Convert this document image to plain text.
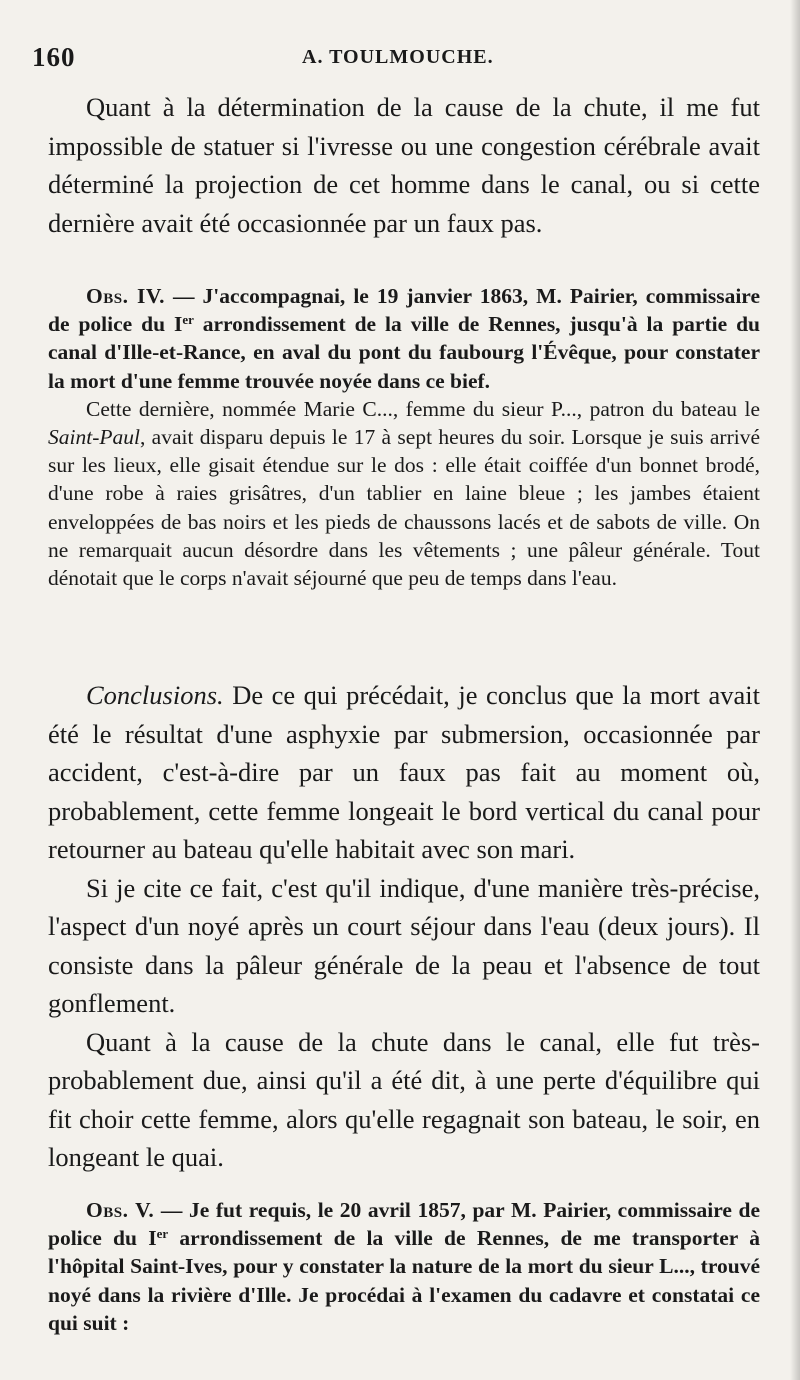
160	A. TOULMOUCHE.

Quant à la détermination de la cause de la chute, il me fut impossible de statuer si l'ivresse ou une congestion cérébrale avait déterminé la projection de cet homme dans le canal, ou si cette dernière avait été occasionnée par un faux pas.

Obs. IV. — J'accompagnai, le 19 janvier 1863, M. Pairier, commissaire de police du Ier arrondissement de la ville de Rennes, jusqu'à la partie du canal d'Ille-et-Rance, en aval du pont du faubourg l'Évêque, pour constater la mort d'une femme trouvée noyée dans ce bief.

Cette dernière, nommée Marie C..., femme du sieur P..., patron du bateau le Saint-Paul, avait disparu depuis le 17 à sept heures du soir. Lorsque je suis arrivé sur les lieux, elle gisait étendue sur le dos : elle était coiffée d'un bonnet brodé, d'une robe à raies grisâtres, d'un tablier en laine bleue ; les jambes étaient enveloppées de bas noirs et les pieds de chaussons lacés et de sabots de ville. On ne remarquait aucun désordre dans les vêtements ; une pâleur générale. Tout dénotait que le corps n'avait séjourné que peu de temps dans l'eau.

Conclusions. De ce qui précédait, je conclus que la mort avait été le résultat d'une asphyxie par submersion, occasionnée par accident, c'est-à-dire par un faux pas fait au moment où, probablement, cette femme longeait le bord vertical du canal pour retourner au bateau qu'elle habitait avec son mari.

Si je cite ce fait, c'est qu'il indique, d'une manière très-précise, l'aspect d'un noyé après un court séjour dans l'eau (deux jours). Il consiste dans la pâleur générale de la peau et l'absence de tout gonflement.

Quant à la cause de la chute dans le canal, elle fut très-probablement due, ainsi qu'il a été dit, à une perte d'équilibre qui fit choir cette femme, alors qu'elle regagnait son bateau, le soir, en longeant le quai.

Obs. V. — Je fut requis, le 20 avril 1857, par M. Pairier, commissaire de police du Ier arrondissement de la ville de Rennes, de me transporter à l'hôpital Saint-Ives, pour y constater la nature de la mort du sieur L..., trouvé noyé dans la rivière d'Ille. Je procédai à l'examen du cadavre et constatai ce qui suit :
